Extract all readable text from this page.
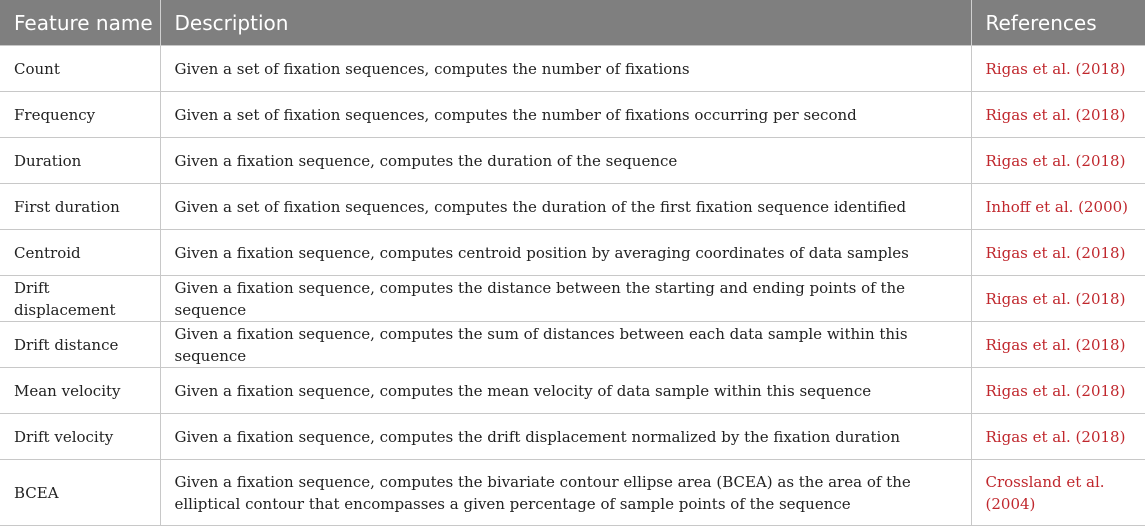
Feature name	Description	References
Count	Given a set of fixation sequences, computes the number of fixations	Rigas et al. (2018)
Frequency	Given a set of fixation sequences, computes the number of fixations occurring per second	Rigas et al. (2018)
Duration	Given a fixation sequence, computes the duration of the sequence	Rigas et al. (2018)
First duration	Given a set of fixation sequences, computes the duration of the first fixation sequence identified	Inhoff et al. (2000)
Centroid	Given a fixation sequence, computes centroid position by averaging coordinates of data samples	Rigas et al. (2018)
Drift displacement	Given a fixation sequence, computes the distance between the starting and ending points of the sequence	Rigas et al. (2018)
Drift distance	Given a fixation sequence, computes the sum of distances between each data sample within this sequence	Rigas et al. (2018)
Mean velocity	Given a fixation sequence, computes the mean velocity of data sample within this sequence	Rigas et al. (2018)
Drift velocity	Given a fixation sequence, computes the drift displacement normalized by the fixation duration	Rigas et al. (2018)
BCEA	Given a fixation sequence, computes the bivariate contour ellipse area (BCEA) as the area of the elliptical contour that encompasses a given percentage of sample points of the sequence	Crossland et al. (2004)
